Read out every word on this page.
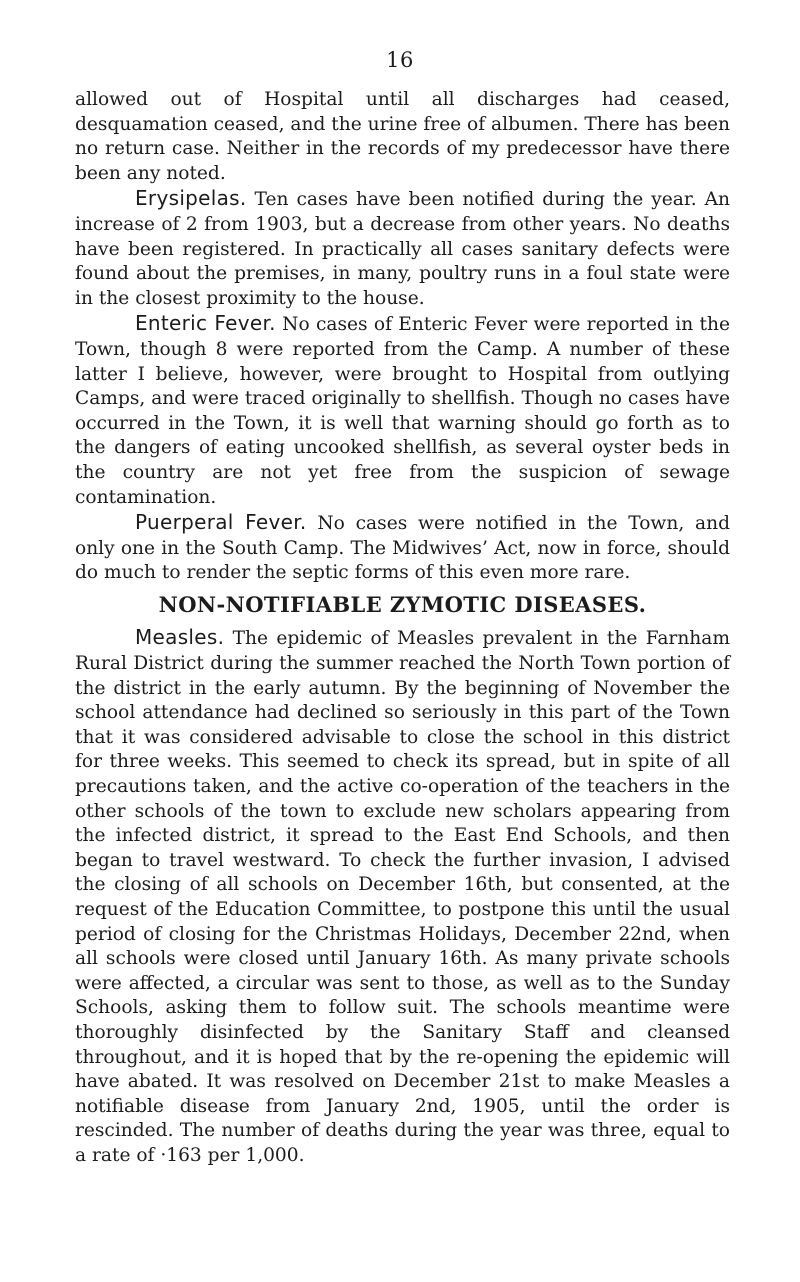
16

allowed out of Hospital until all discharges had ceased, desquamation ceased, and the urine free of albumen. There has been no return case. Neither in the records of my predecessor have there been any noted.

Erysipelas. Ten cases have been notified during the year. An increase of 2 from 1903, but a decrease from other years. No deaths have been registered. In practically all cases sanitary defects were found about the premises, in many, poultry runs in a foul state were in the closest proximity to the house.

Enteric Fever. No cases of Enteric Fever were reported in the Town, though 8 were reported from the Camp. A number of these latter I believe, however, were brought to Hospital from outlying Camps, and were traced originally to shellfish. Though no cases have occurred in the Town, it is well that warning should go forth as to the dangers of eating uncooked shellfish, as several oyster beds in the country are not yet free from the suspicion of sewage contamination.

Puerperal Fever. No cases were notified in the Town, and only one in the South Camp. The Midwives’ Act, now in force, should do much to render the septic forms of this even more rare.

NON-NOTIFIABLE ZYMOTIC DISEASES.

Measles. The epidemic of Measles prevalent in the Farnham Rural District during the summer reached the North Town portion of the district in the early autumn. By the beginning of November the school attendance had declined so seriously in this part of the Town that it was considered advisable to close the school in this district for three weeks. This seemed to check its spread, but in spite of all precautions taken, and the active co-operation of the teachers in the other schools of the town to exclude new scholars appearing from the infected district, it spread to the East End Schools, and then began to travel westward. To check the further invasion, I advised the closing of all schools on December 16th, but consented, at the request of the Education Committee, to postpone this until the usual period of closing for the Christmas Holidays, December 22nd, when all schools were closed until January 16th. As many private schools were affected, a circular was sent to those, as well as to the Sunday Schools, asking them to follow suit. The schools meantime were thoroughly disinfected by the Sanitary Staff and cleansed throughout, and it is hoped that by the re-opening the epidemic will have abated. It was resolved on December 21st to make Measles a notifiable disease from January 2nd, 1905, until the order is rescinded. The number of deaths during the year was three, equal to a rate of ·163 per 1,000.
